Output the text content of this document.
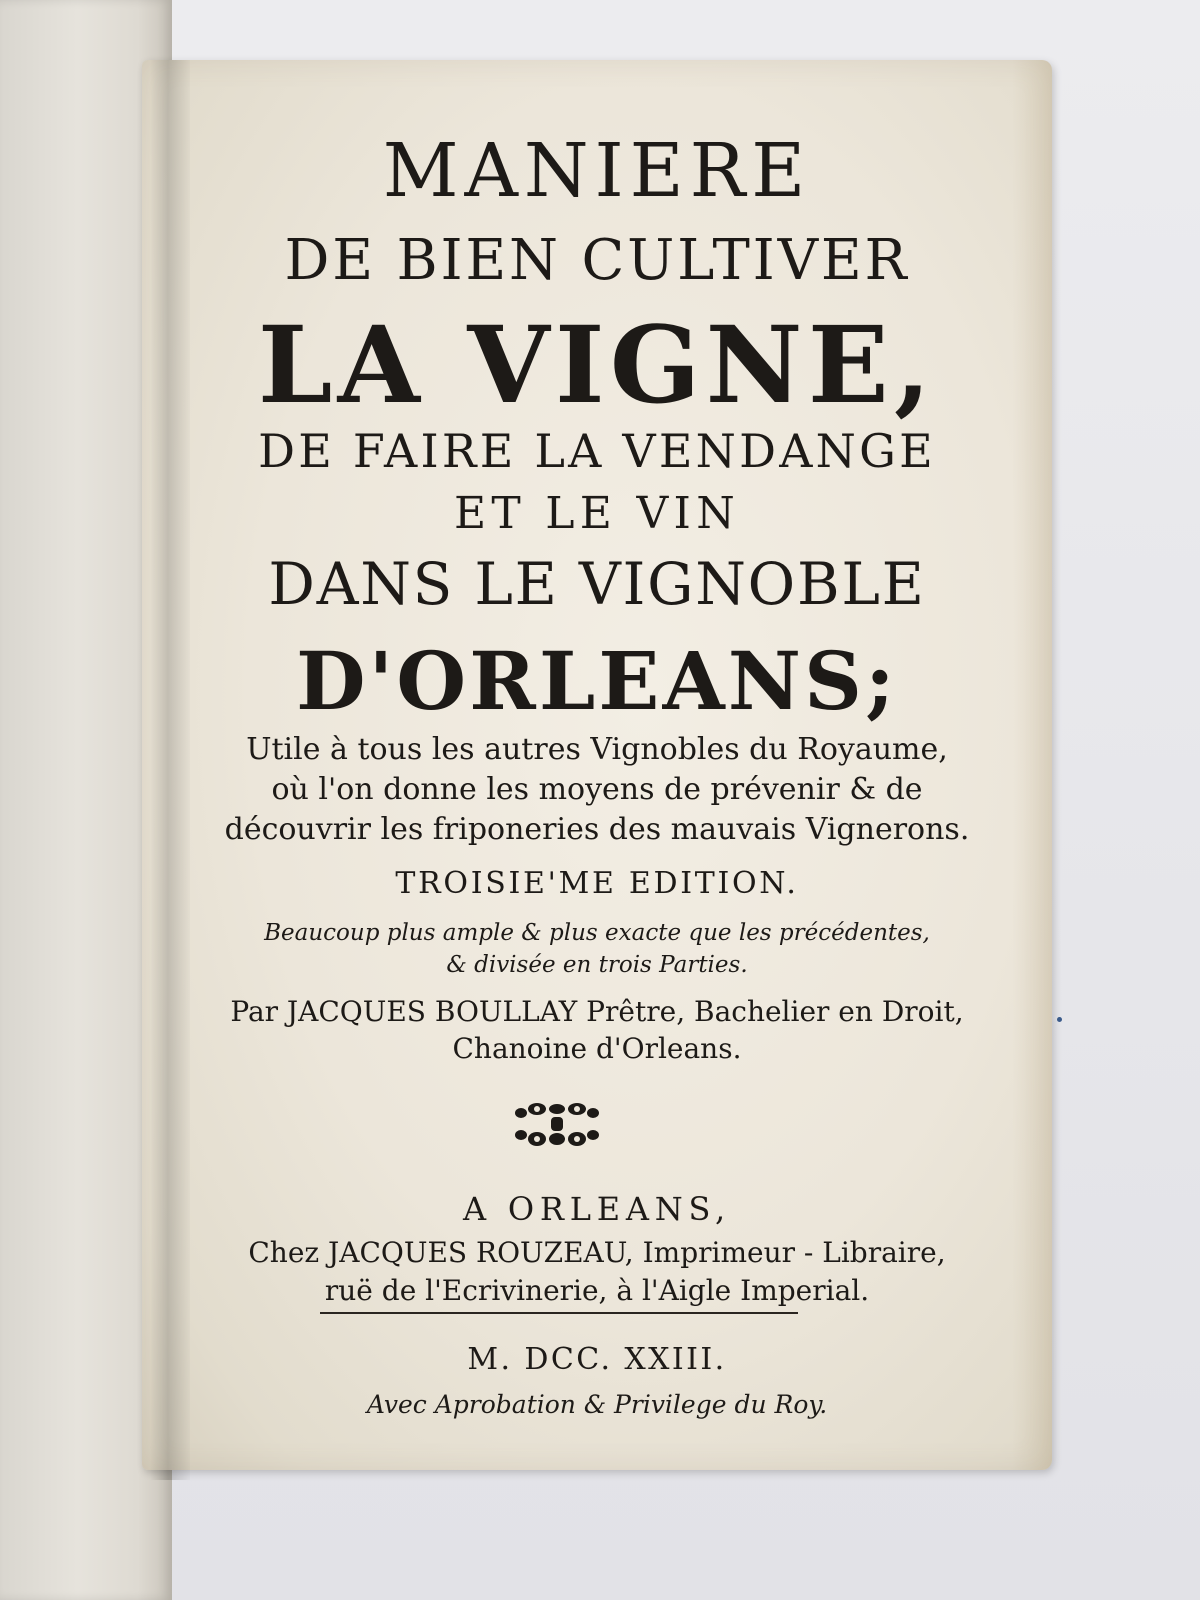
MANIERE

DE BIEN CULTIVER

LA VIGNE,

DE FAIRE LA VENDANGE

ET LE VIN

DANS LE VIGNOBLE

D'ORLEANS;

Utile à tous les autres Vignobles du Royaume,

où l'on donne les moyens de prévenir & de

découvrir les friponeries des mauvais Vignerons.

TROISIE'ME EDITION.

Beaucoup plus ample & plus exacte que les précédentes,

& divisée en trois Parties.

Par JACQUES BOULLAY Prêtre, Bachelier en Droit,

Chanoine d'Orleans.

A ORLEANS,

Chez JACQUES ROUZEAU, Imprimeur - Libraire,

ruë de l'Ecrivinerie, à l'Aigle Imperial.

M. DCC. XXIII.

Avec Aprobation & Privilege du Roy.
